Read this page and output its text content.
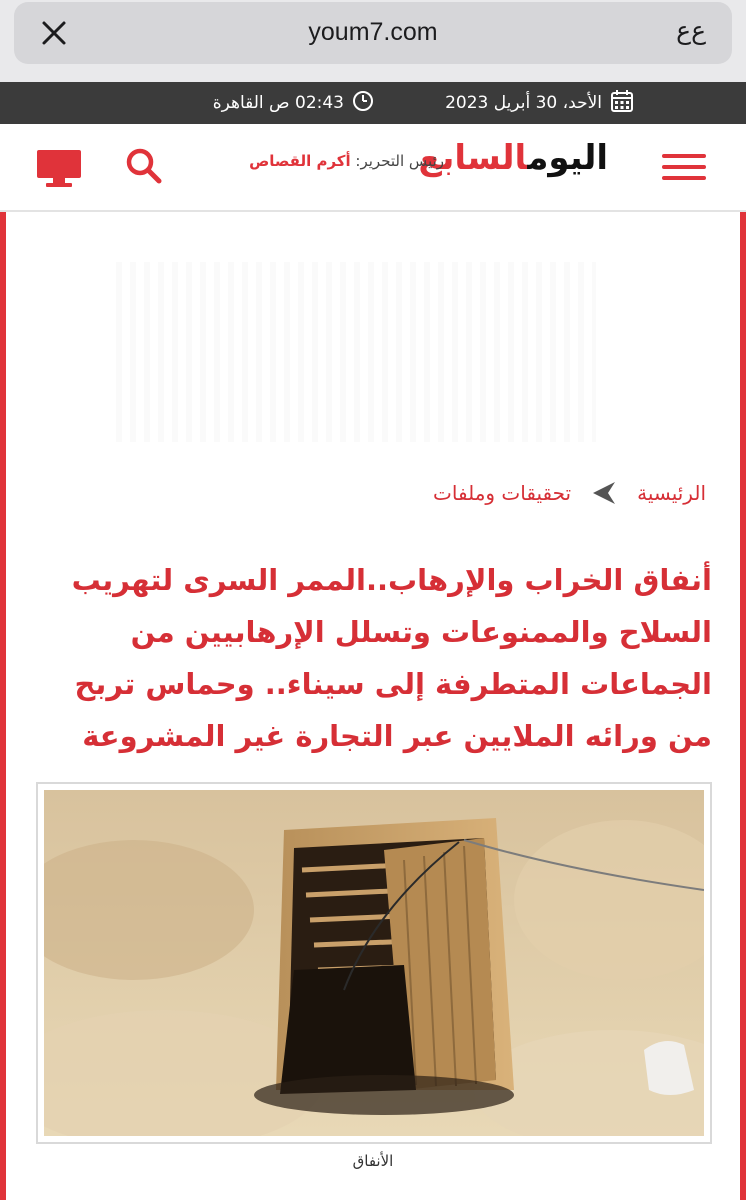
youm7.com	ﻉﻉ
الأحد، 30 أبريل 2023
02:43 ص القاهرة
اليومالسابع
رئيس التحرير: أكرم القصاص
الرئيسية
تحقيقات وملفات
أنفاق الخراب والإرهاب..الممر السرى لتهريب السلاح والممنوعات وتسلل الإرهابيين من الجماعات المتطرفة إلى سيناء.. وحماس تربح من ورائه الملايين عبر التجارة غير المشروعة
الأنفاق
